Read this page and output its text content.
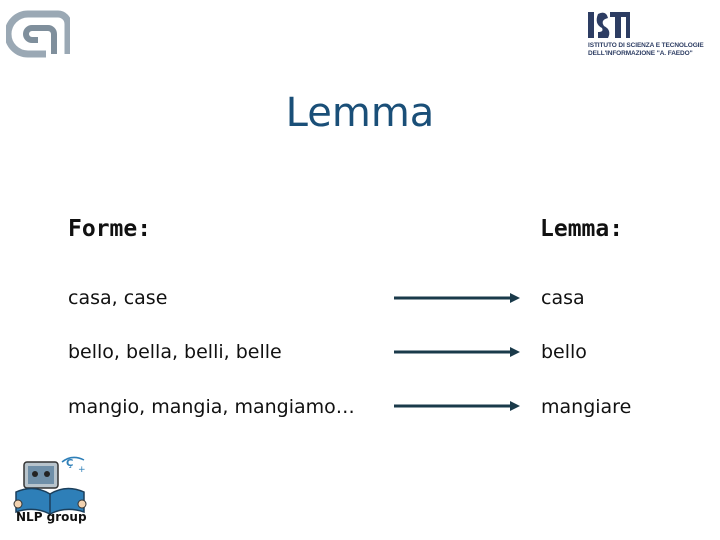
ISTITUTO DI SCIENZA E TECNOLOGIE
DELL'INFORMAZIONE "A. FAEDO"
Lemma
Forme:	Lemma:
casa, case	casa
bello, bella, belli, belle	bello
mangio, mangia, mangiamo…	mangiare
Ç
+
NLP group
